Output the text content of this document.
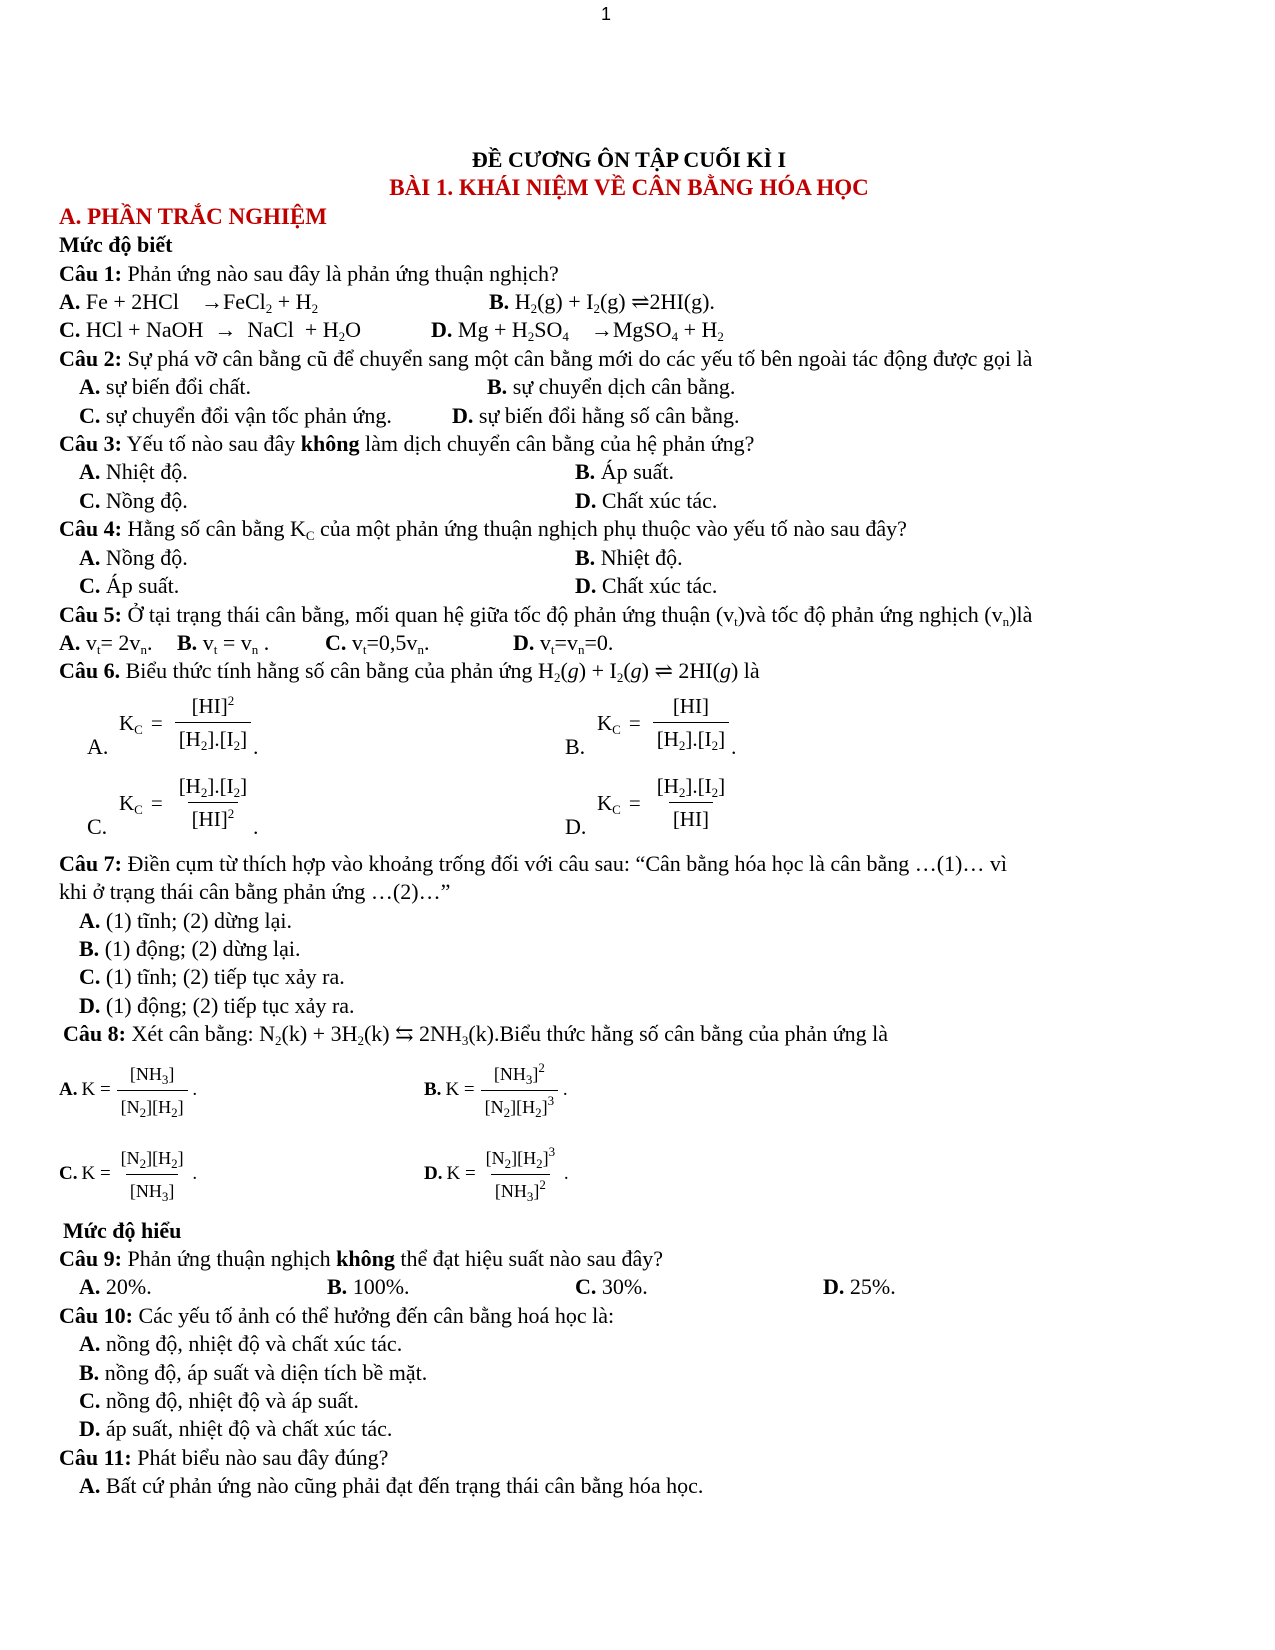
1
ĐỀ CƯƠNG ÔN TẬP CUỐI KÌ I
BÀI 1. KHÁI NIỆM VỀ CÂN BẰNG HÓA HỌC
A. PHẦN TRẮC NGHIỆM
Mức độ biết
Câu 1: Phản ứng nào sau đây là phản ứng thuận nghịch?
A. Fe + 2HCl    →FeCl$_2$ + $H_2$	B. $H_2(g) + I_2(g)$ ⇌2HI(g).
C. HCl + NaOH  →  NaCl  + $H_2O$	D. $Mg + H_2SO_4$    →MgSO$_4$ + $H_2$
Câu 2: Sự phá vỡ cân bằng cũ để chuyển sang một cân bằng mới do các yếu tố bên ngoài tác động được gọi là
A. sự biến đổi chất.	B. sự chuyển dịch cân bằng.
C. sự chuyển đổi vận tốc phản ứng.	D. sự biến đổi hằng số cân bằng.
Câu 3: Yếu tố nào sau đây không làm dịch chuyển cân bằng của hệ phản ứng?
A. Nhiệt độ.	B. Áp suất.
C. Nồng độ.	D. Chất xúc tác.
Câu 4: Hằng số cân bằng $K_C$ của một phản ứng thuận nghịch phụ thuộc vào yếu tố nào sau đây?
A. Nồng độ.	B. Nhiệt độ.
C. Áp suất.	D. Chất xúc tác.
Câu 5: Ở tại trạng thái cân bằng, mối quan hệ giữa tốc độ phản ứng thuận $(v_t)và$ tốc độ phản ứng nghịch $(v_n)là$
A. $v_t= 2v_n$.	B. $v_t = v_n$ .	C. $v_t=0,5v_n$.	D. $v_t=v_n=0$.
Câu 6. Biểu thức tính hằng số cân bằng của phản ứng $H_2(g) + I_2(g)$ ⇌ 2HI(g) là
A.
$K_C = \frac{[HI]^2}{[H_2].[I_2]}$ .	B.
$K_C = \frac{[HI]}{[H_2].[I_2]}$ .
C.
$K_C = \frac{[H_2].[I_2]}{[HI]^2}$ .	D.
$K_C = \frac{[H_2].[I_2]}{[HI]}$
Câu 7: Điền cụm từ thích hợp vào khoảng trống đối với câu sau: “Cân bằng hóa học là cân bằng …(1)… vì
khi ở trạng thái cân bằng phản ứng …(2)…”
A. (1) tĩnh; (2) dừng lại.
B. (1) động; (2) dừng lại.
C. (1) tĩnh; (2) tiếp tục xảy ra.
D. (1) động; (2) tiếp tục xảy ra.
Câu 8: Xét cân bằng: $N_2(k) + 3H_2(k)$ ⇆ $2NH_3(k).Biểu$ thức hằng số cân bằng của phản ứng là
A. $K = \frac{[NH_3]}{[N_2][H_2]}$ .	B. $K = \frac{[NH_3]^2}{[N_2][H_2]^3}$ .
C. $K = \frac{[N_2][H_2]}{[NH_3]}$ .	D. $K = \frac{[N_2][H_2]^3}{[NH_3]^2}$ .
Mức độ hiểu
Câu 9: Phản ứng thuận nghịch không thể đạt hiệu suất nào sau đây?
A. 20%.	B. 100%.	C. 30%.	D. 25%.
Câu 10: Các yếu tố ảnh có thể hưởng đến cân bằng hoá học là:
A. nồng độ, nhiệt độ và chất xúc tác.
B. nồng độ, áp suất và diện tích bề mặt.
C. nồng độ, nhiệt độ và áp suất.
D. áp suất, nhiệt độ và chất xúc tác.
Câu 11: Phát biểu nào sau đây đúng?
A. Bất cứ phản ứng nào cũng phải đạt đến trạng thái cân bằng hóa học.
